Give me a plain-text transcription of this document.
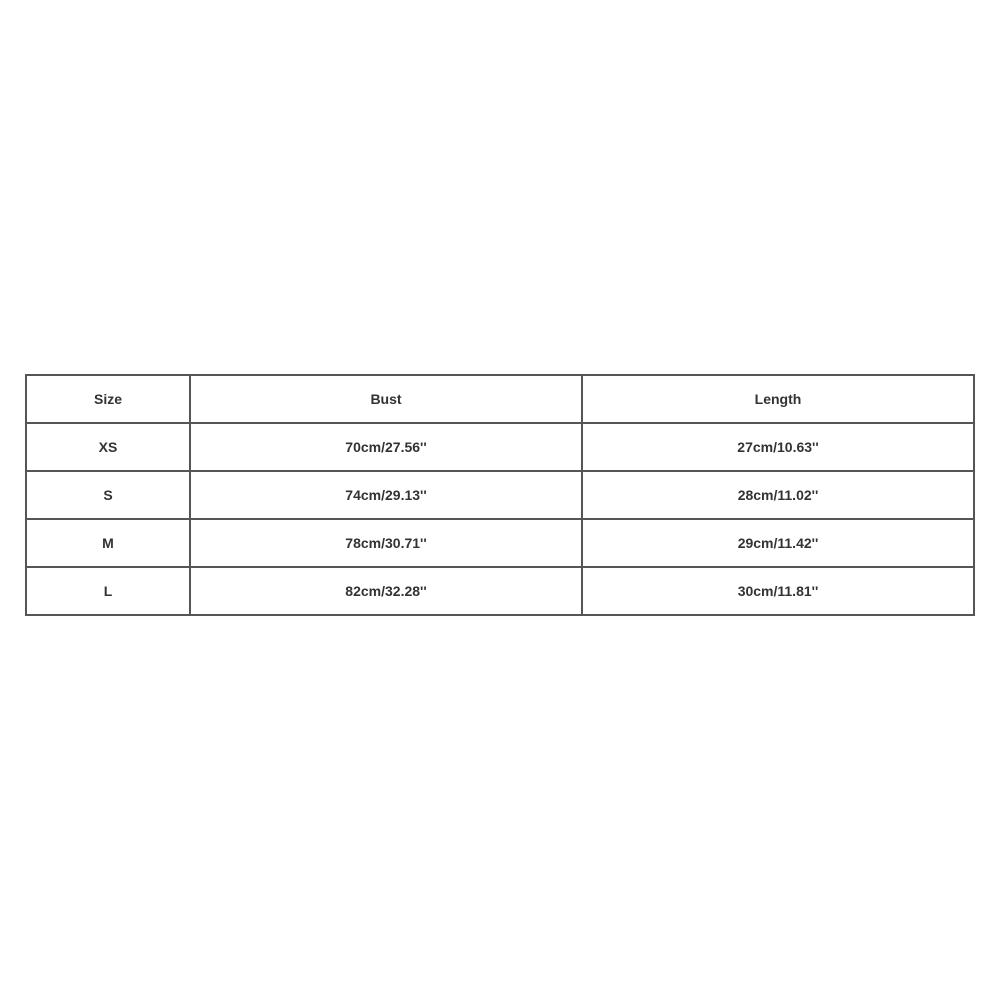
Size	Bust	Length
XS	70cm/27.56''	27cm/10.63''
S	74cm/29.13''	28cm/11.02''
M	78cm/30.71''	29cm/11.42''
L	82cm/32.28''	30cm/11.81''
